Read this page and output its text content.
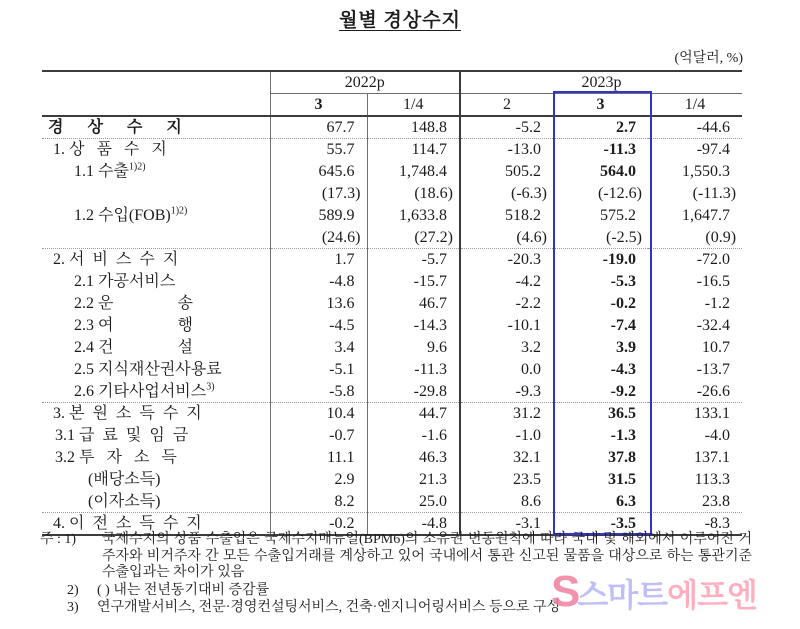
월별 경상수지
(억달러, %)
	2022p		2023p		
	3	1/4	2	3	1/4
경      상      수      지	67.7	148.8	-5.2	2.7	-44.6
1. 상   품   수   지	55.7	114.7	-13.0	-11.3	-97.4
1.1 수출$^{1)2)}$	645.6	1,748.4	505.2	564.0	1,550.3
	(17.3)	(18.6)	(-6.3)	(-12.6)	(-11.3)
1.2 수입(FOB)$^{1)2)}$	589.9	1,633.8	518.2	575.2	1,647.7
	(24.6)	(27.2)	(4.6)	(-2.5)	(0.9)
2. 서  비  스  수  지	1.7	-5.7	-20.3	-19.0	-72.0
2.1 가공서비스	-4.8	-15.7	-4.2	-5.3	-16.5
2.2 운                송	13.6	46.7	-2.2	-0.2	-1.2
2.3 여                행	-4.5	-14.3	-10.1	-7.4	-32.4
2.4 건                설	3.4	9.6	3.2	3.9	10.7
2.5 지식재산권사용료	-5.1	-11.3	0.0	-4.3	-13.7
2.6 기타사업서비스$^{3)}$	-5.8	-29.8	-9.3	-9.2	-26.6
3. 본  원  소  득  수  지	10.4	44.7	31.2	36.5	133.1
3.1 급  료  및  임  금	-0.7	-1.6	-1.0	-1.3	-4.0
3.2 투   자   소   득	11.1	46.3	32.1	37.8	137.1
(배당소득)	2.9	21.3	23.5	31.5	113.3
(이자소득)	8.2	25.0	8.6	6.3	23.8
4. 이  전  소  득  수  지	-0.2	-4.8	-3.1	-3.5	-8.3
주 : 1)	국제수지의 상품 수출입은 국제수지매뉴얼(BPM6)의 소유권 변동원칙에 따라 국내 및 해외에서 이루어진 거주자와 비거주자 간 모든 수출입거래를 계상하고 있어 국내에서 통관 신고된 물품을 대상으로 하는 통관기준 수출입과는 차이가 있음
2)	( ) 내는 전년동기대비 증감률
3)	연구개발서비스, 전문·경영컨설팅서비스, 건축·엔지니어링서비스 등으로 구성
S스마트에프엔
